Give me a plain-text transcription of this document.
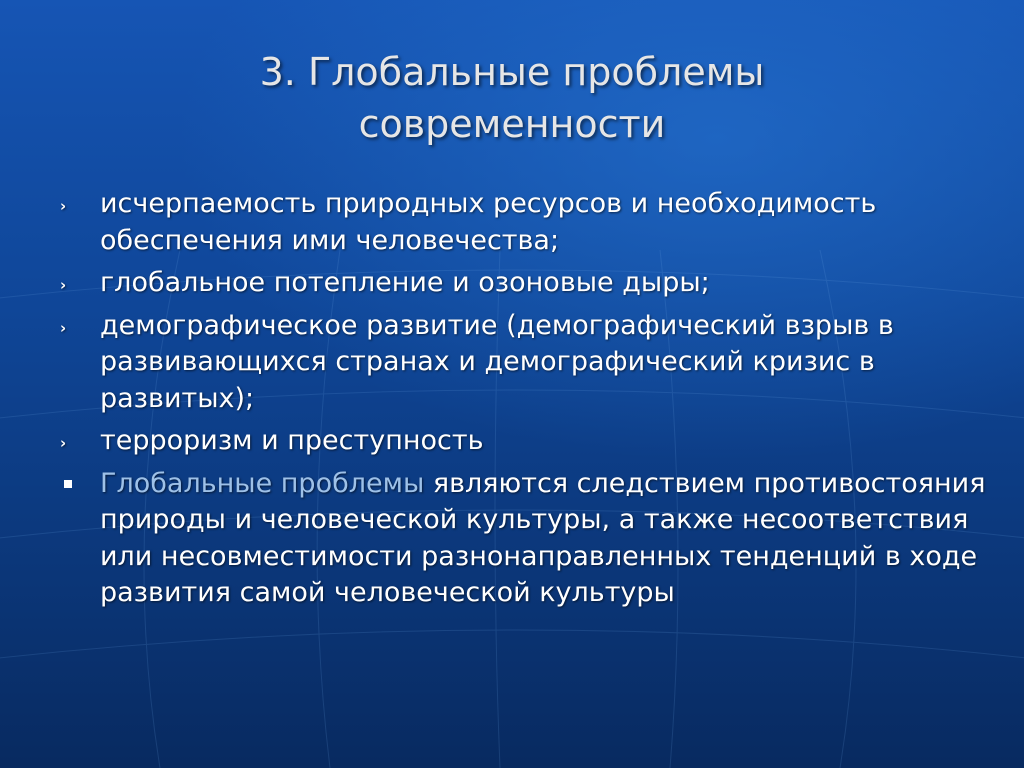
3. Глобальные проблемы
современности
›	исчерпаемость природных ресурсов и необходимость обеспечения ими человечества;
›	глобальное потепление и озоновые дыры;
›	демографическое развитие (демографический взрыв в развивающихся странах и демографический кризис в развитых);
›	терроризм и преступность
Глобальные проблемы являются следствием противостояния природы и человеческой культуры, а также несоответствия или несовместимости разнонаправленных тенденций в ходе развития самой человеческой культуры
